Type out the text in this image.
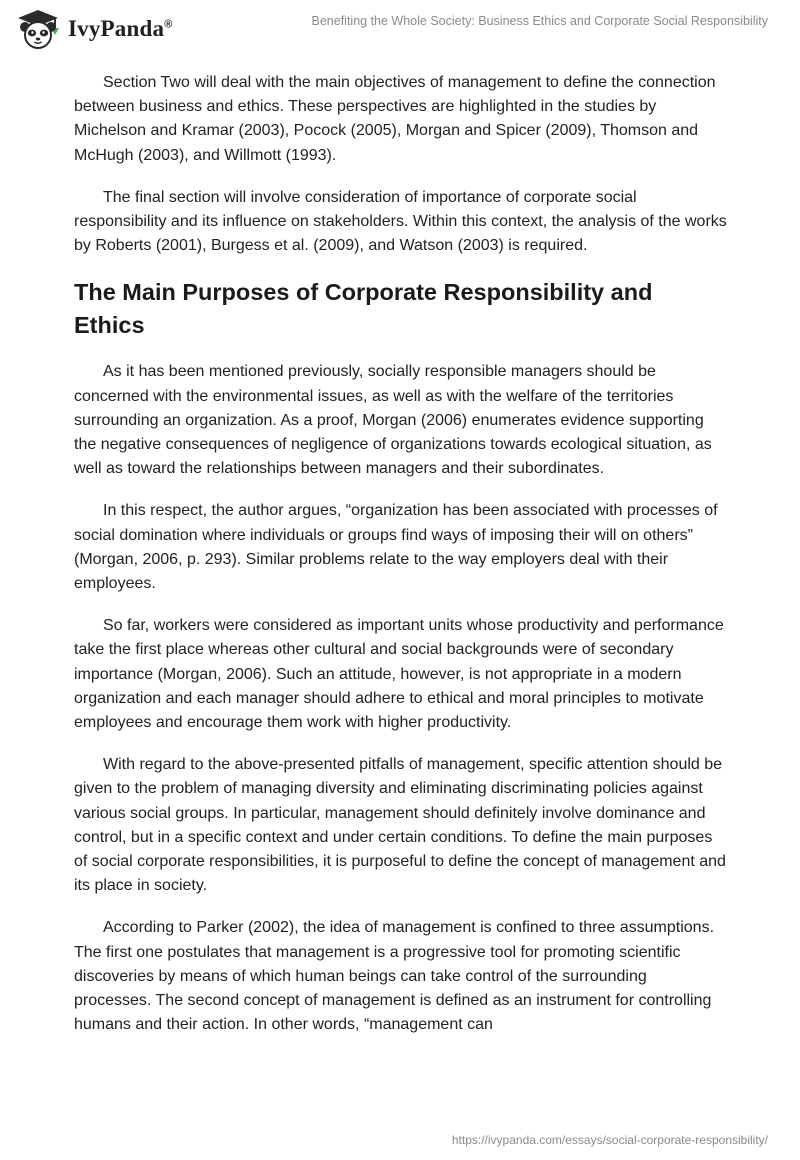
IvyPanda®	Benefiting the Whole Society: Business Ethics and Corporate Social Responsibility

Section Two will deal with the main objectives of management to define the connection between business and ethics. These perspectives are highlighted in the studies by Michelson and Kramar (2003), Pocock (2005), Morgan and Spicer (2009), Thomson and McHugh (2003), and Willmott (1993).

The final section will involve consideration of importance of corporate social responsibility and its influence on stakeholders. Within this context, the analysis of the works by Roberts (2001), Burgess et al. (2009), and Watson (2003) is required.

The Main Purposes of Corporate Responsibility and Ethics

As it has been mentioned previously, socially responsible managers should be concerned with the environmental issues, as well as with the welfare of the territories surrounding an organization. As a proof, Morgan (2006) enumerates evidence supporting the negative consequences of negligence of organizations towards ecological situation, as well as toward the relationships between managers and their subordinates.

In this respect, the author argues, “organization has been associated with processes of social domination where individuals or groups find ways of imposing their will on others” (Morgan, 2006, p. 293). Similar problems relate to the way employers deal with their employees.

So far, workers were considered as important units whose productivity and performance take the first place whereas other cultural and social backgrounds were of secondary importance (Morgan, 2006). Such an attitude, however, is not appropriate in a modern organization and each manager should adhere to ethical and moral principles to motivate employees and encourage them work with higher productivity.

With regard to the above-presented pitfalls of management, specific attention should be given to the problem of managing diversity and eliminating discriminating policies against various social groups. In particular, management should definitely involve dominance and control, but in a specific context and under certain conditions. To define the main purposes of social corporate responsibilities, it is purposeful to define the concept of management and its place in society.

According to Parker (2002), the idea of management is confined to three assumptions. The first one postulates that management is a progressive tool for promoting scientific discoveries by means of which human beings can take control of the surrounding processes. The second concept of management is defined as an instrument for controlling humans and their action. In other words, “management can

https://ivypanda.com/essays/social-corporate-responsibility/
